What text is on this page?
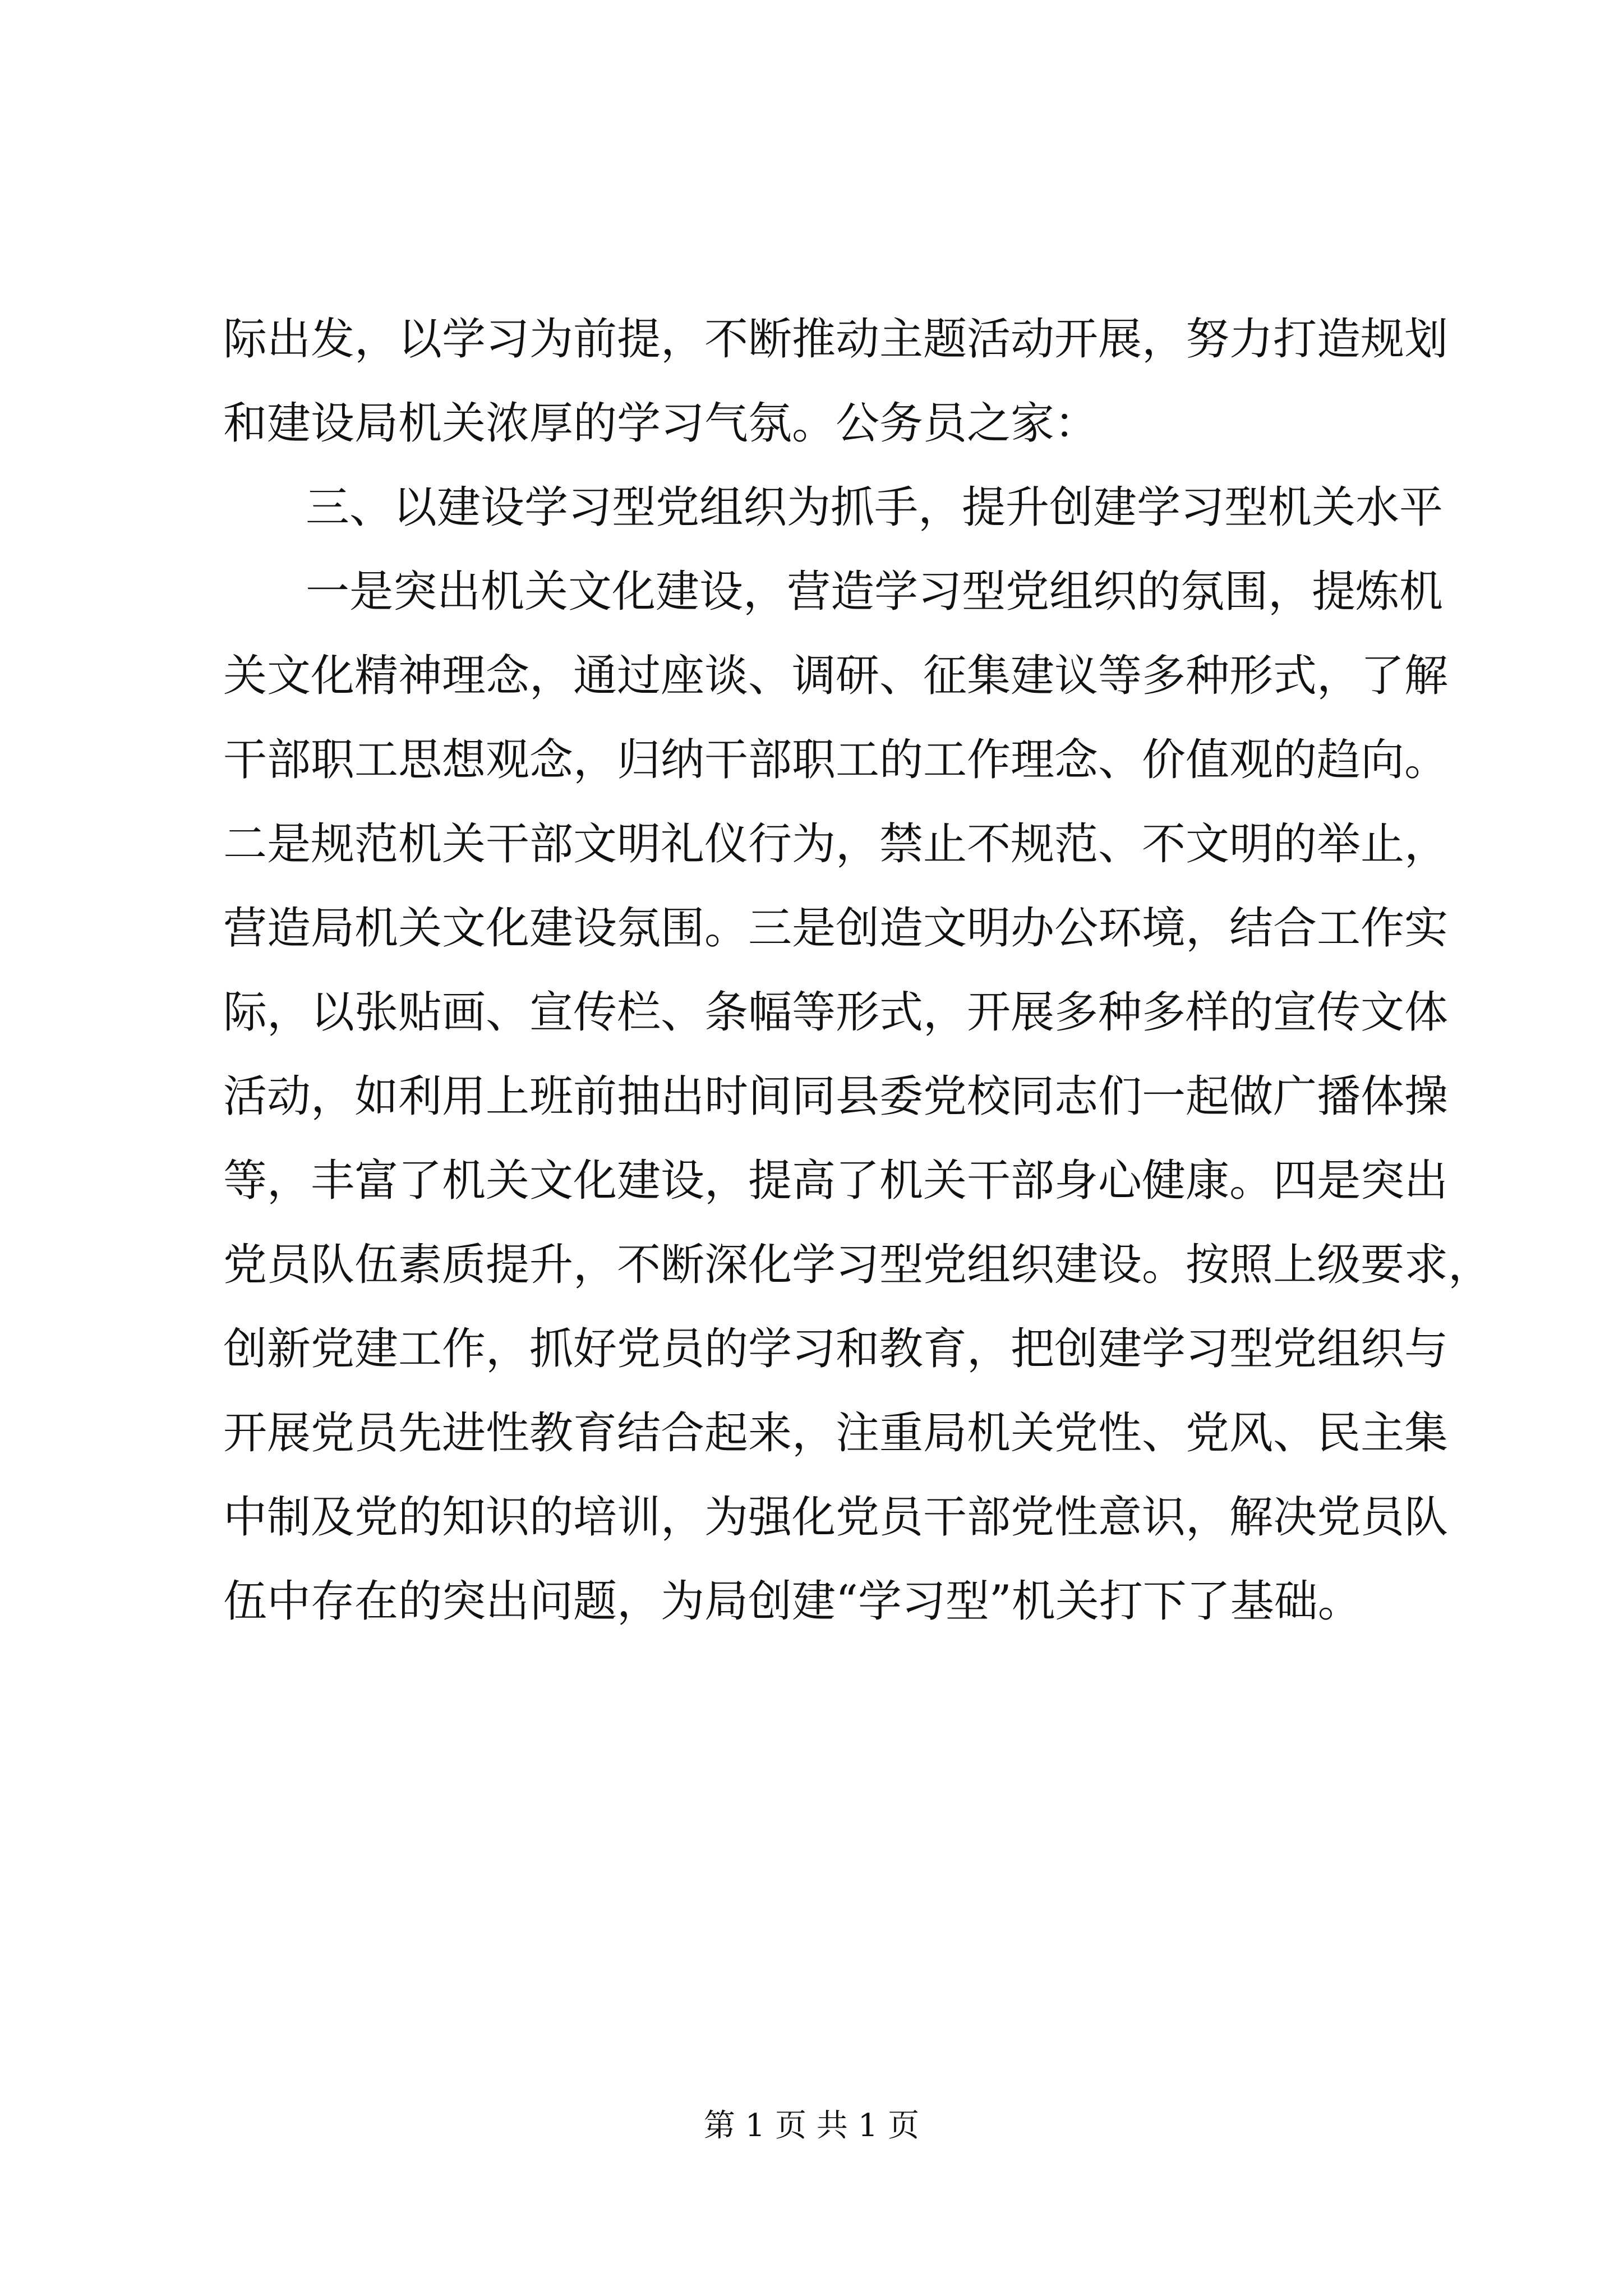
际出发，以学习为前提，不断推动主题活动开展，努力打造规划
和建设局机关浓厚的学习气氛。公务员之家：
三、以建设学习型党组织为抓手，提升创建学习型机关水平
一是突出机关文化建设，营造学习型党组织的氛围，提炼机
关文化精神理念，通过座谈、调研、征集建议等多种形式，了解
干部职工思想观念，归纳干部职工的工作理念、价值观的趋向。
二是规范机关干部文明礼仪行为，禁止不规范、不文明的举止，
营造局机关文化建设氛围。三是创造文明办公环境，结合工作实
际，以张贴画、宣传栏、条幅等形式，开展多种多样的宣传文体
活动，如利用上班前抽出时间同县委党校同志们一起做广播体操
等，丰富了机关文化建设，提高了机关干部身心健康。四是突出
党员队伍素质提升，不断深化学习型党组织建设。按照上级要求，
创新党建工作，抓好党员的学习和教育，把创建学习型党组织与
开展党员先进性教育结合起来，注重局机关党性、党风、民主集
中制及党的知识的培训，为强化党员干部党性意识，解决党员队
伍中存在的突出问题，为局创建“学习型”机关打下了基础。
第 1 页 共 1 页
